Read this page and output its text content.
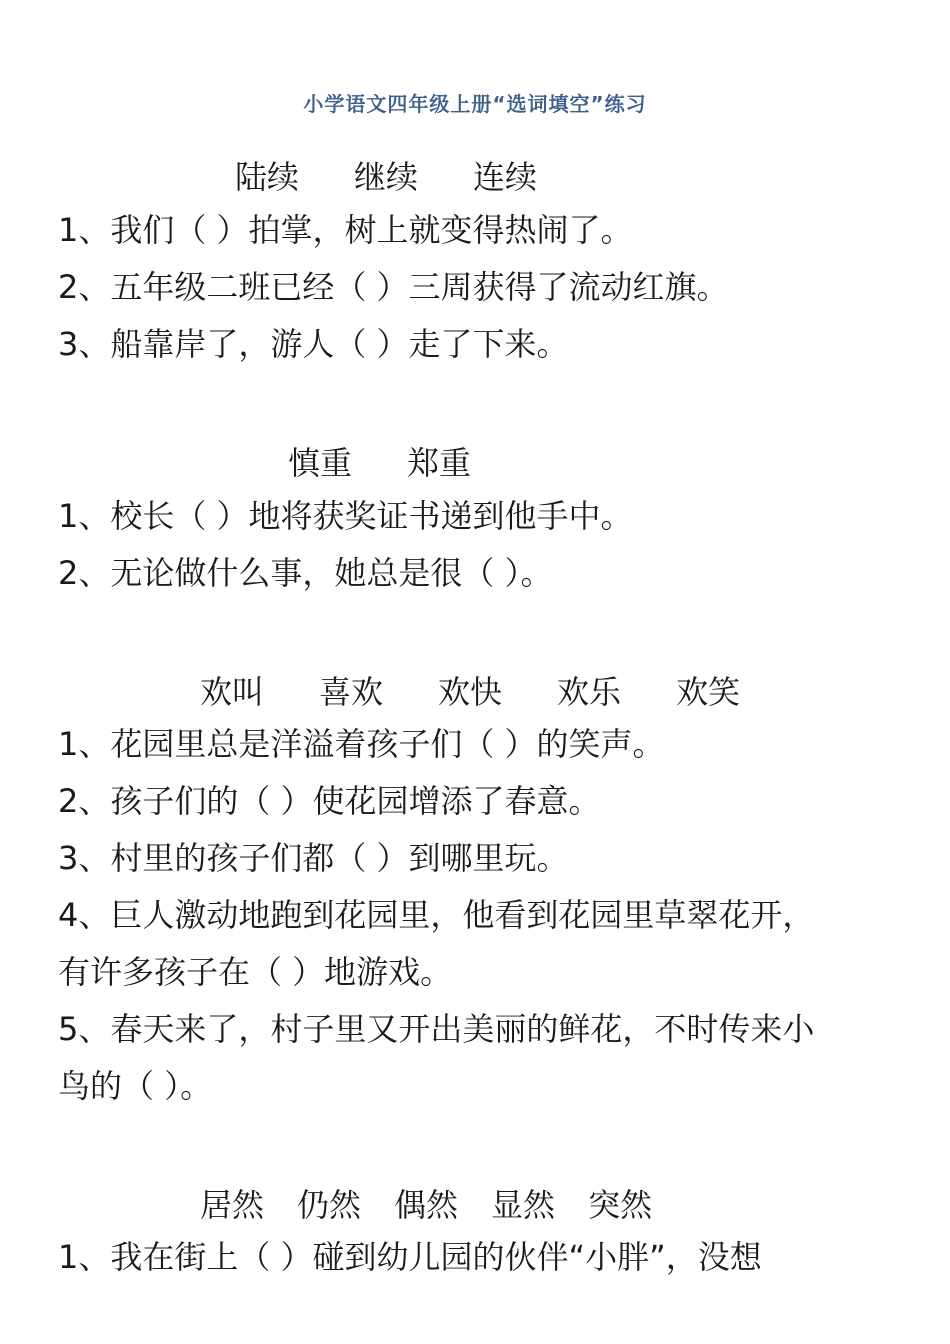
小学语文四年级上册“选词填空”练习
陆续 继续 连续
1、我们（ ）拍掌，树上就变得热闹了。
2、五年级二班已经（ ）三周获得了流动红旗。
3、船靠岸了，游人（ ）走了下来。
慎重 郑重
1、校长（ ）地将获奖证书递到他手中。
2、无论做什么事，她总是很（ ）。
欢叫 喜欢 欢快 欢乐 欢笑
1、花园里总是洋溢着孩子们（ ）的笑声。
2、孩子们的（ ）使花园增添了春意。
3、村里的孩子们都（ ）到哪里玩。
4、巨人激动地跑到花园里，他看到花园里草翠花开，
有许多孩子在（ ）地游戏。
5、春天来了，村子里又开出美丽的鲜花，不时传来小
鸟的（ ）。
居然 仍然 偶然 显然 突然
1、我在街上（ ）碰到幼儿园的伙伴“小胖”，没想
